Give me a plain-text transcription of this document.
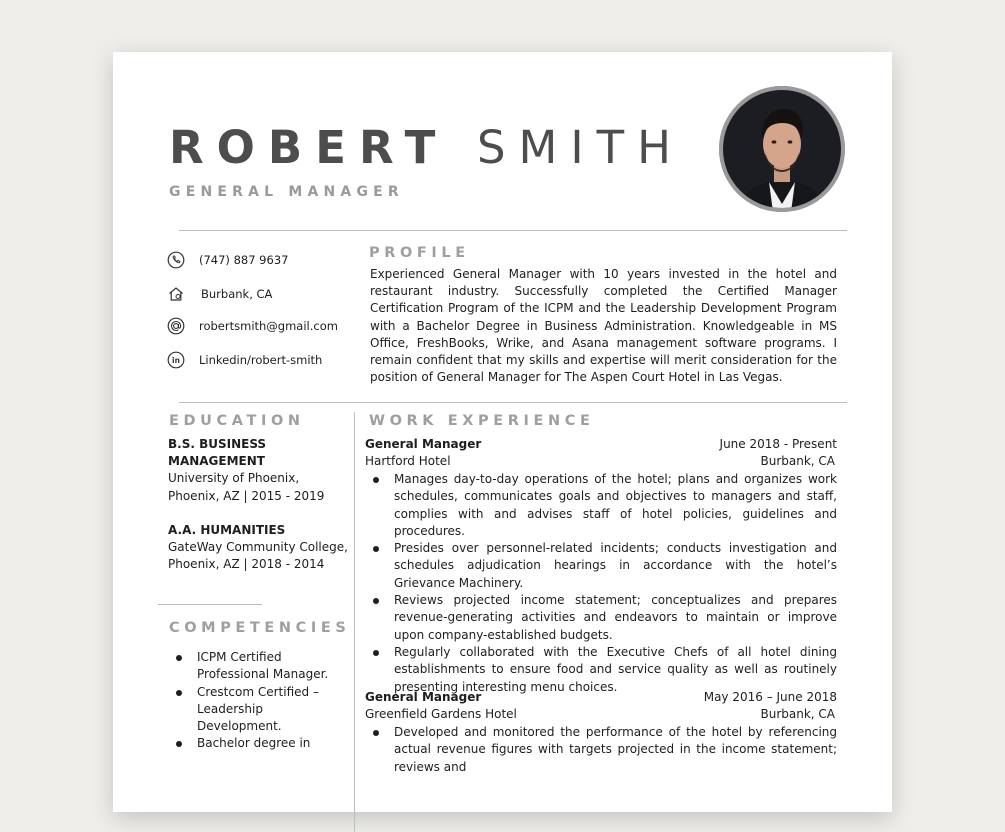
ROBERT SMITH
GENERAL MANAGER
(747) 887 9637
Burbank, CA
robertsmith@gmail.com
in Linkedin/robert-smith
PROFILE
Experienced General Manager with 10 years invested in the hotel and restaurant industry. Successfully completed the Certified Manager Certification Program of the ICPM and the Leadership Development Program with a Bachelor Degree in Business Administration. Knowledgeable in MS Office, FreshBooks, Wrike, and Asana management software programs. I remain confident that my skills and expertise will merit consideration for the position of General Manager for The Aspen Court Hotel in Las Vegas.
EDUCATION
B.S. BUSINESS MANAGEMENT
University of Phoenix, Phoenix, AZ | 2015 - 2019
A.A. HUMANITIES
GateWay Community College, Phoenix, AZ | 2018 - 2014
COMPETENCIES
ICPM Certified Professional Manager.
Crestcom Certified – Leadership Development.
Bachelor degree in
WORK EXPERIENCE
General Manager	June 2018 - Present
Hartford Hotel	Burbank, CA
Manages day-to-day operations of the hotel; plans and organizes work schedules, communicates goals and objectives to managers and staff, complies with and advises staff of hotel policies, guidelines and procedures.
Presides over personnel-related incidents; conducts investigation and schedules adjudication hearings in accordance with the hotel’s Grievance Machinery.
Reviews projected income statement; conceptualizes and prepares revenue-generating activities and endeavors to maintain or improve upon company-established budgets.
Regularly collaborated with the Executive Chefs of all hotel dining establishments to ensure food and service quality as well as routinely presenting interesting menu choices.
General Manager	May 2016 – June 2018
Greenfield Gardens Hotel	Burbank, CA
Developed and monitored the performance of the hotel by referencing actual revenue figures with targets projected in the income statement; reviews and
